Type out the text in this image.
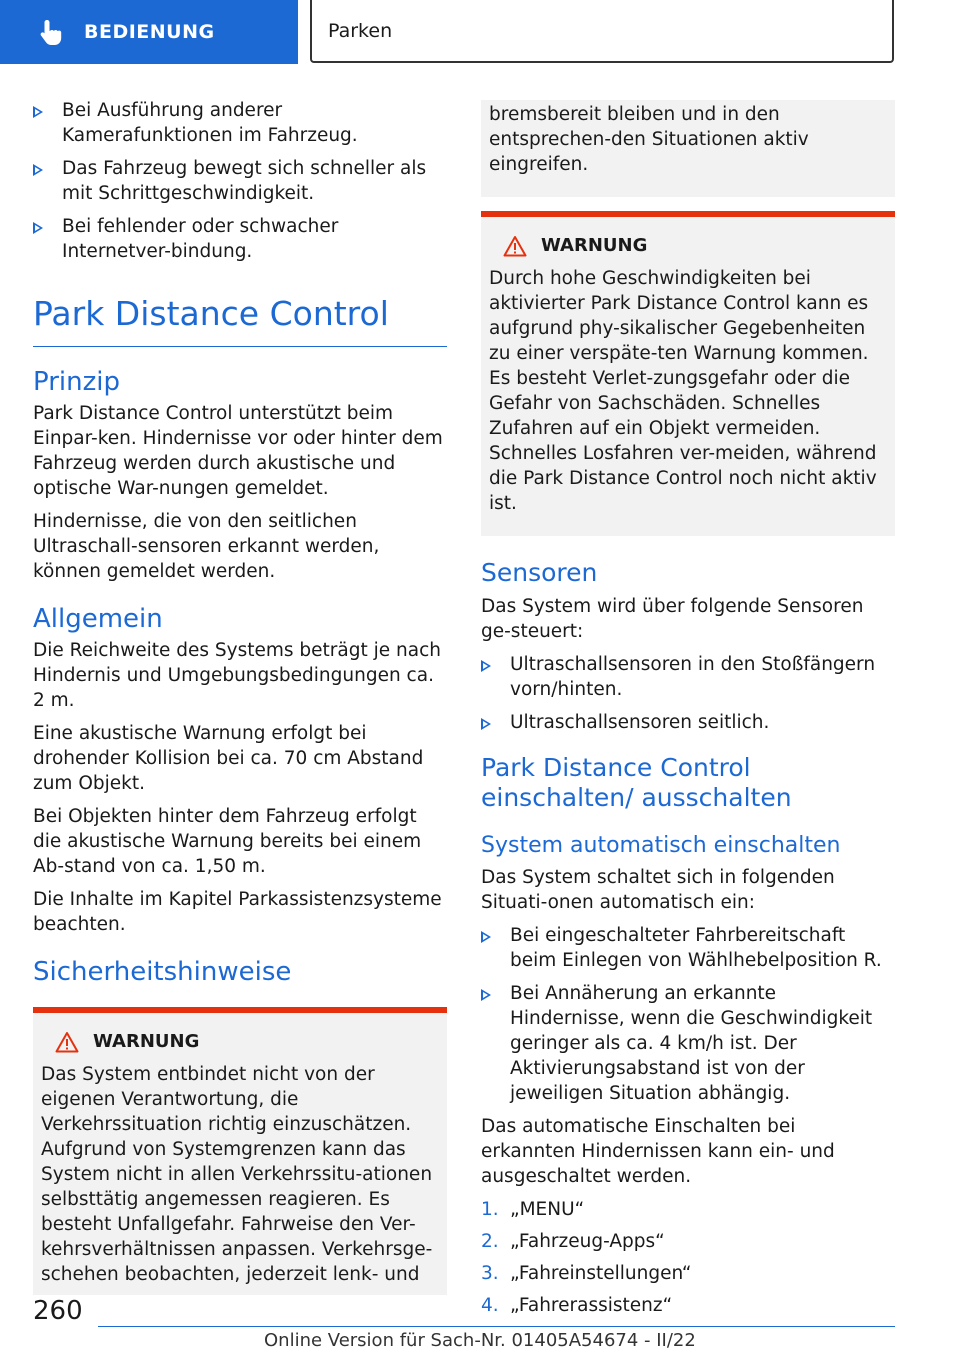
BEDIENUNG	Parken
Bei Ausführung anderer Kamerafunktionen im Fahrzeug.
Das Fahrzeug bewegt sich schneller als mit Schrittgeschwindigkeit.
Bei fehlender oder schwacher Internetver-bindung.
Park Distance Control
Prinzip

Park Distance Control unterstützt beim Einpar-ken. Hindernisse vor oder hinter dem Fahrzeug werden durch akustische und optische War-nungen gemeldet.

Hindernisse, die von den seitlichen Ultraschall-sensoren erkannt werden, können gemeldet werden.

Allgemein

Die Reichweite des Systems beträgt je nach Hindernis und Umgebungsbedingungen ca. 2 m.

Eine akustische Warnung erfolgt bei drohender Kollision bei ca. 70 cm Abstand zum Objekt.

Bei Objekten hinter dem Fahrzeug erfolgt die akustische Warnung bereits bei einem Ab-stand von ca. 1,50 m.

Die Inhalte im Kapitel Parkassistenzsysteme beachten.

Sicherheitshinweise
WARNUNG

Das System entbindet nicht von der eigenen Verantwortung, die Verkehrssituation richtig einzuschätzen. Aufgrund von Systemgrenzen kann das System nicht in allen Verkehrssitu-ationen selbsttätig angemessen reagieren. Es besteht Unfallgefahr. Fahrweise den Ver-kehrsverhältnissen anpassen. Verkehrsge-schehen beobachten, jederzeit lenk- und

bremsbereit bleiben und in den entsprechen-den Situationen aktiv eingreifen.

WARNUNG

Durch hohe Geschwindigkeiten bei aktivierter Park Distance Control kann es aufgrund phy-sikalischer Gegebenheiten zu einer verspäte-ten Warnung kommen. Es besteht Verlet-zungsgefahr oder die Gefahr von Sachschäden. Schnelles Zufahren auf ein Objekt vermeiden. Schnelles Losfahren ver-meiden, während die Park Distance Control noch nicht aktiv ist.

Sensoren

Das System wird über folgende Sensoren ge-steuert:

Ultraschallsensoren in den Stoßfängern vorn/hinten.
Ultraschallsensoren seitlich.
Park Distance Control einschalten/ ausschalten
System automatisch einschalten

Das System schaltet sich in folgenden Situati-onen automatisch ein:

Bei eingeschalteter Fahrbereitschaft beim Einlegen von Wählhebelposition R.
Bei Annäherung an erkannte Hindernisse, wenn die Geschwindigkeit geringer als ca. 4 km/h ist. Der Aktivierungsabstand ist von der jeweiligen Situation abhängig.

Das automatische Einschalten bei erkannten Hindernissen kann ein- und ausgeschaltet werden.

1. „MENU“
2. „Fahrzeug-Apps“
3. „Fahreinstellungen“
4. „Fahrerassistenz“
260
Online Version für Sach-Nr. 01405A54674 - II/22
